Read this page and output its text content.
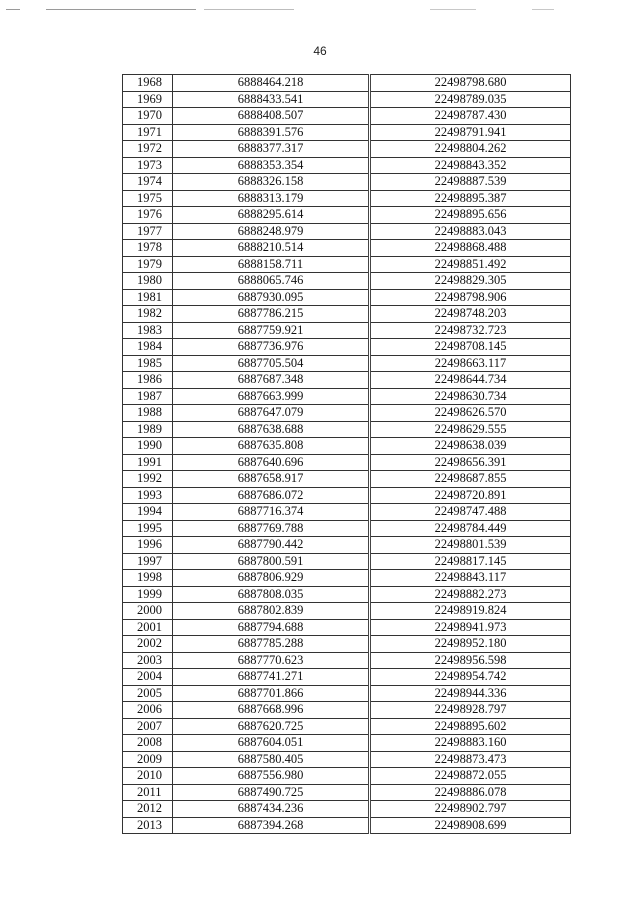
46
1968	6888464.218	22498798.680
1969	6888433.541	22498789.035
1970	6888408.507	22498787.430
1971	6888391.576	22498791.941
1972	6888377.317	22498804.262
1973	6888353.354	22498843.352
1974	6888326.158	22498887.539
1975	6888313.179	22498895.387
1976	6888295.614	22498895.656
1977	6888248.979	22498883.043
1978	6888210.514	22498868.488
1979	6888158.711	22498851.492
1980	6888065.746	22498829.305
1981	6887930.095	22498798.906
1982	6887786.215	22498748.203
1983	6887759.921	22498732.723
1984	6887736.976	22498708.145
1985	6887705.504	22498663.117
1986	6887687.348	22498644.734
1987	6887663.999	22498630.734
1988	6887647.079	22498626.570
1989	6887638.688	22498629.555
1990	6887635.808	22498638.039
1991	6887640.696	22498656.391
1992	6887658.917	22498687.855
1993	6887686.072	22498720.891
1994	6887716.374	22498747.488
1995	6887769.788	22498784.449
1996	6887790.442	22498801.539
1997	6887800.591	22498817.145
1998	6887806.929	22498843.117
1999	6887808.035	22498882.273
2000	6887802.839	22498919.824
2001	6887794.688	22498941.973
2002	6887785.288	22498952.180
2003	6887770.623	22498956.598
2004	6887741.271	22498954.742
2005	6887701.866	22498944.336
2006	6887668.996	22498928.797
2007	6887620.725	22498895.602
2008	6887604.051	22498883.160
2009	6887580.405	22498873.473
2010	6887556.980	22498872.055
2011	6887490.725	22498886.078
2012	6887434.236	22498902.797
2013	6887394.268	22498908.699
